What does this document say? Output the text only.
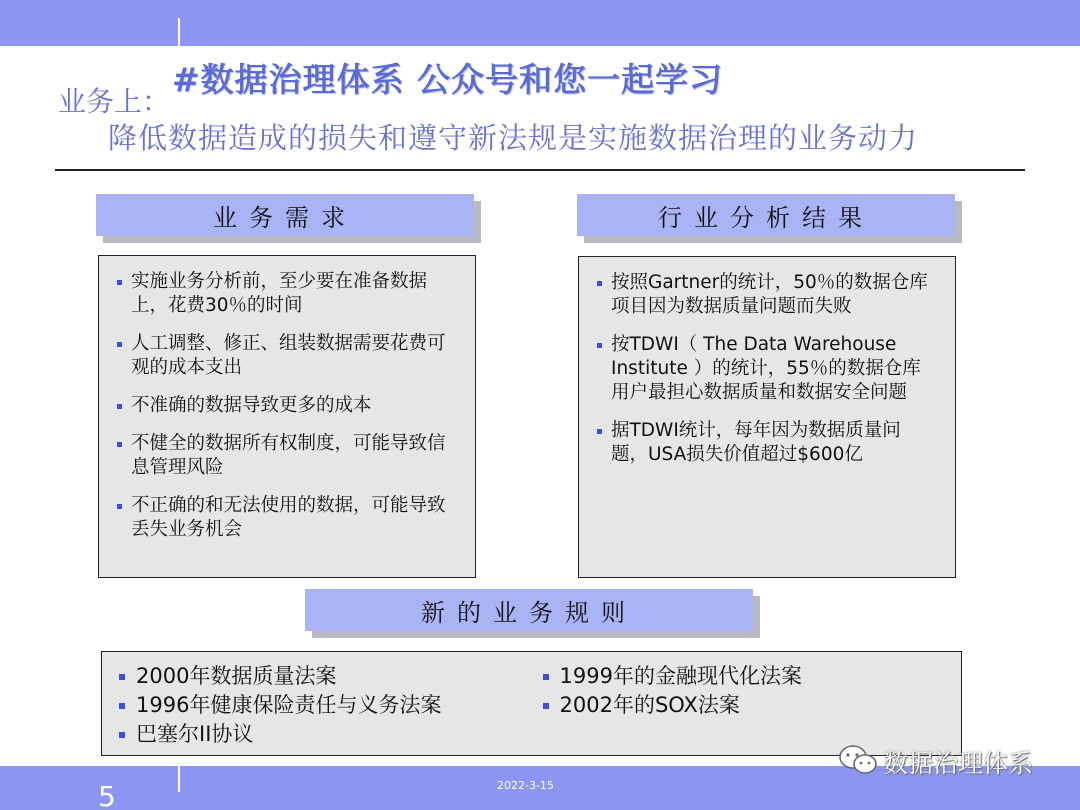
#数据治理体系 公众号和您一起学习
业务上：
降低数据造成的损失和遵守新法规是实施数据治理的业务动力
业务需求	行业分析结果
实施业务分析前，至少要在准备数据上，花费30％的时间
人工调整、修正、组装数据需要花费可观的成本支出
不准确的数据导致更多的成本
不健全的数据所有权制度，可能导致信息管理风险
不正确的和无法使用的数据，可能导致丢失业务机会
按照Gartner的统计，50％的数据仓库项目因为数据质量问题而失败
按TDWI（ The Data Warehouse Institute ）的统计，55％的数据仓库用户最担心数据质量和数据安全问题
据TDWI统计，每年因为数据质量问题，USA损失价值超过$600亿
新的业务规则
2000年数据质量法案
1996年健康保险责任与义务法案
巴塞尔II协议
1999年的金融现代化法案
2002年的SOX法案
5	2022-3-15
数据治理体系
